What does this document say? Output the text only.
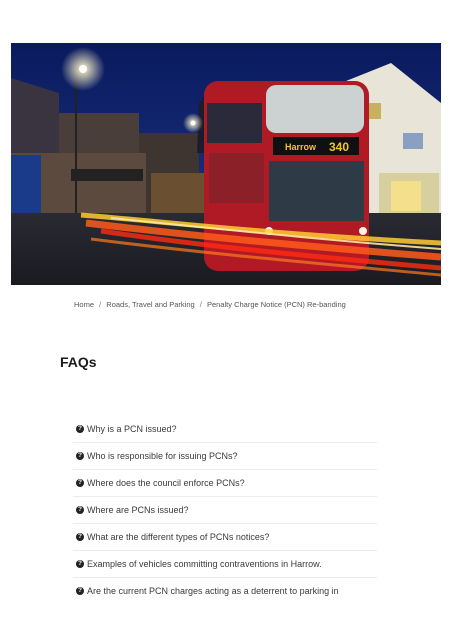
Harrow 340
Home / Roads, Travel and Parking / Penalty Charge Notice (PCN) Re-banding
FAQs
? Why is a PCN issued?
? Who is responsible for issuing PCNs?
? Where does the council enforce PCNs?
? Where are PCNs issued?
? What are the different types of PCNs notices?
? Examples of vehicles committing contraventions in Harrow.
? Are the current PCN charges acting as a deterrent to parking in
